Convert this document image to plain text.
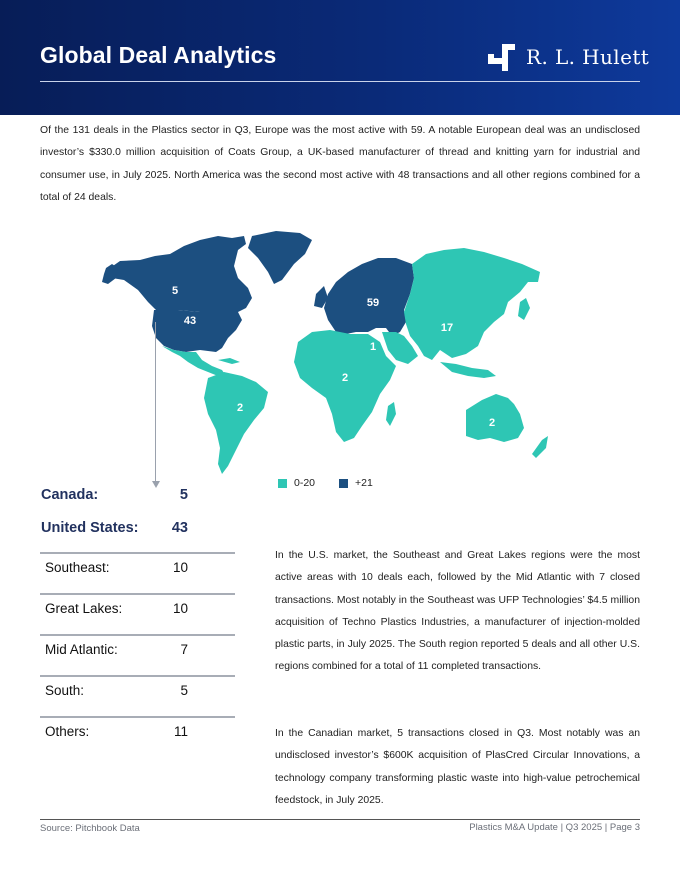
Global Deal Analytics	R. L. Hulett

Of the 131 deals in the Plastics sector in Q3, Europe was the most active with 59. A notable European deal was an undisclosed investor’s $330.0 million acquisition of Coats Group, a UK-based manufacturer of thread and knitting yarn for industrial and consumer use, in July 2025. North America was the second most active with 48 transactions and all other regions combined for a total of 24 deals.

5
43
59
17
1
2
2
2
0-20	+21
Canada:	5
United States: 43
Southeast:	10
Great Lakes:	10
Mid Atlantic:	7
South:	5
Others:	11

In the U.S. market, the Southeast and Great Lakes regions were the most active areas with 10 deals each, followed by the Mid Atlantic with 7 closed transactions. Most notably in the Southeast was UFP Technologies’ $4.5 million acquisition of Techno Plastics Industries, a manufacturer of injection-molded plastic parts, in July 2025. The South region reported 5 deals and all other U.S. regions combined for a total of 11 completed transactions.

In the Canadian market, 5 transactions closed in Q3. Most notably was an undisclosed investor’s $600K acquisition of PlasCred Circular Innovations, a technology company transforming plastic waste into high-value petrochemical feedstock, in July 2025.

Source: Pitchbook Data	Plastics M&A Update | Q3 2025 | Page 3
